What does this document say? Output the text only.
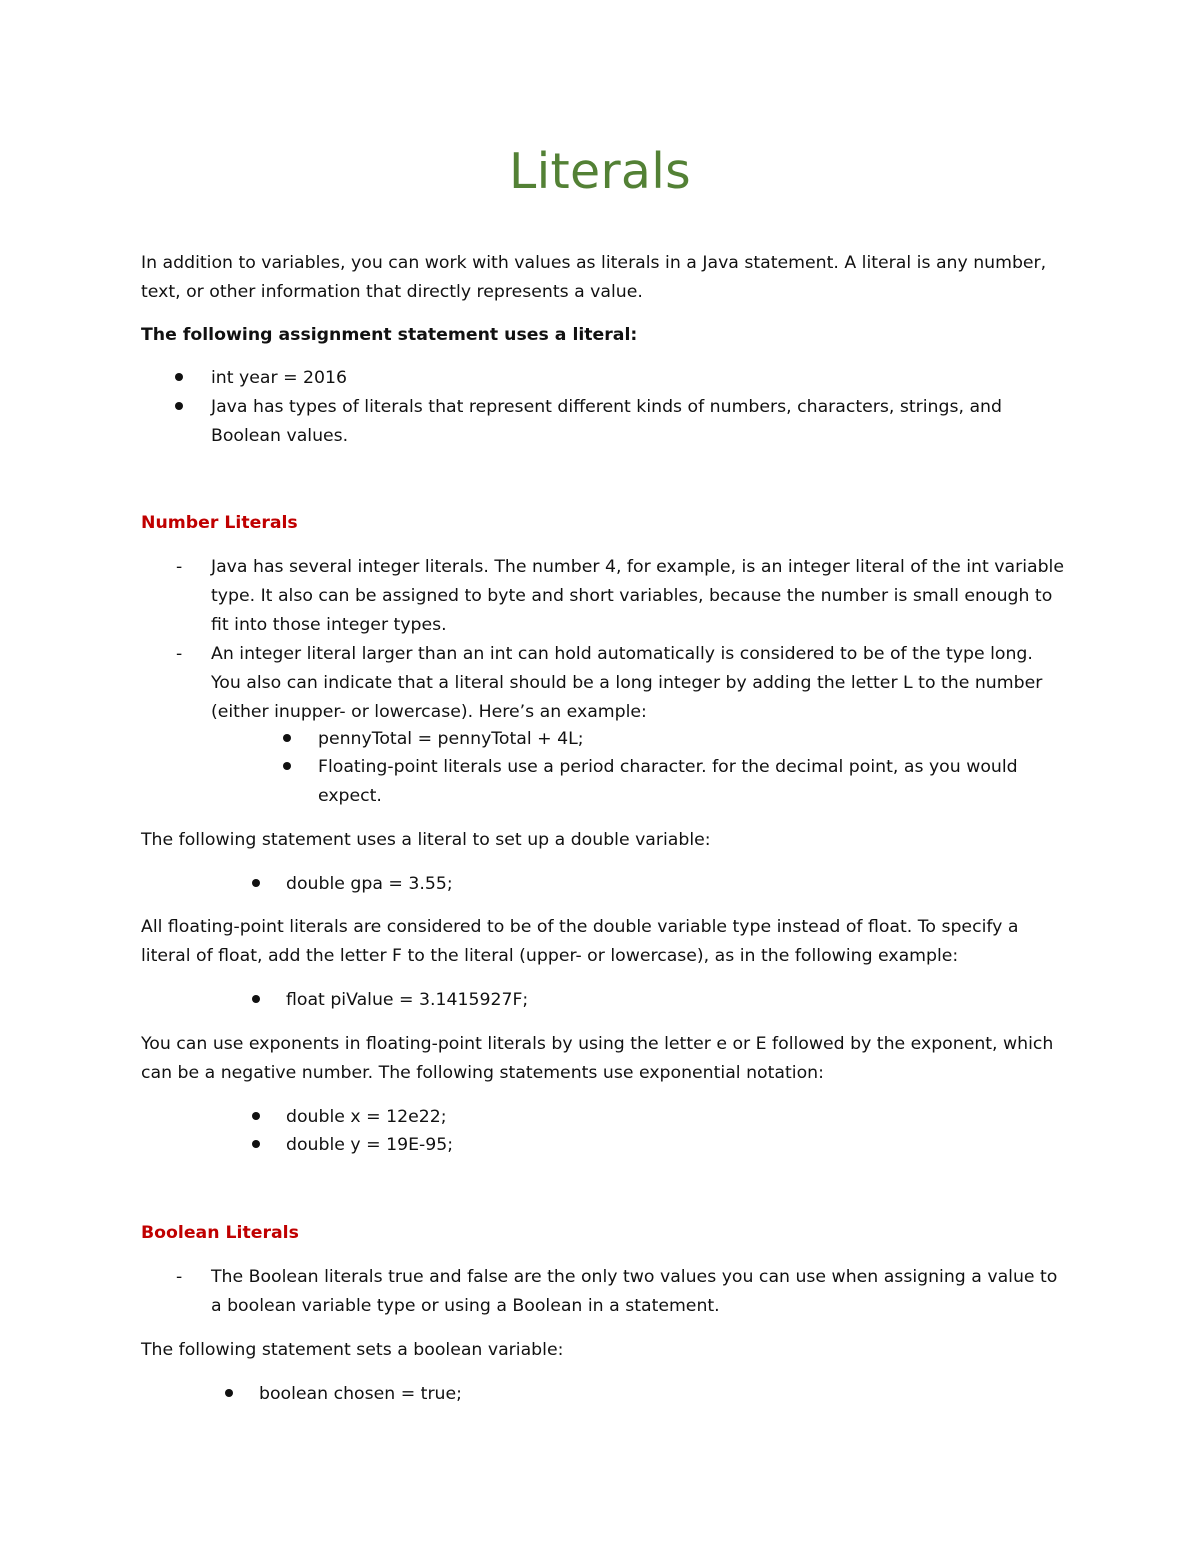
Literals
In addition to variables, you can work with values as literals in a Java statement. A literal is any number,
text, or other information that directly represents a value.
The following assignment statement uses a literal:
int year = 2016
Java has types of literals that represent different kinds of numbers, characters, strings, and
Boolean values.
Number Literals
- Java has several integer literals. The number 4, for example, is an integer literal of the int variable
type. It also can be assigned to byte and short variables, because the number is small enough to
fit into those integer types.
- An integer literal larger than an int can hold automatically is considered to be of the type long.
You also can indicate that a literal should be a long integer by adding the letter L to the number
(either inupper- or lowercase). Here’s an example:
pennyTotal = pennyTotal + 4L;
Floating-point literals use a period character. for the decimal point, as you would
expect.
The following statement uses a literal to set up a double variable:
double gpa = 3.55;
All floating-point literals are considered to be of the double variable type instead of float. To specify a
literal of float, add the letter F to the literal (upper- or lowercase), as in the following example:
float piValue = 3.1415927F;
You can use exponents in floating-point literals by using the letter e or E followed by the exponent, which
can be a negative number. The following statements use exponential notation:
double x = 12e22;
double y = 19E-95;
Boolean Literals
- The Boolean literals true and false are the only two values you can use when assigning a value to
a boolean variable type or using a Boolean in a statement.
The following statement sets a boolean variable:
boolean chosen = true;
